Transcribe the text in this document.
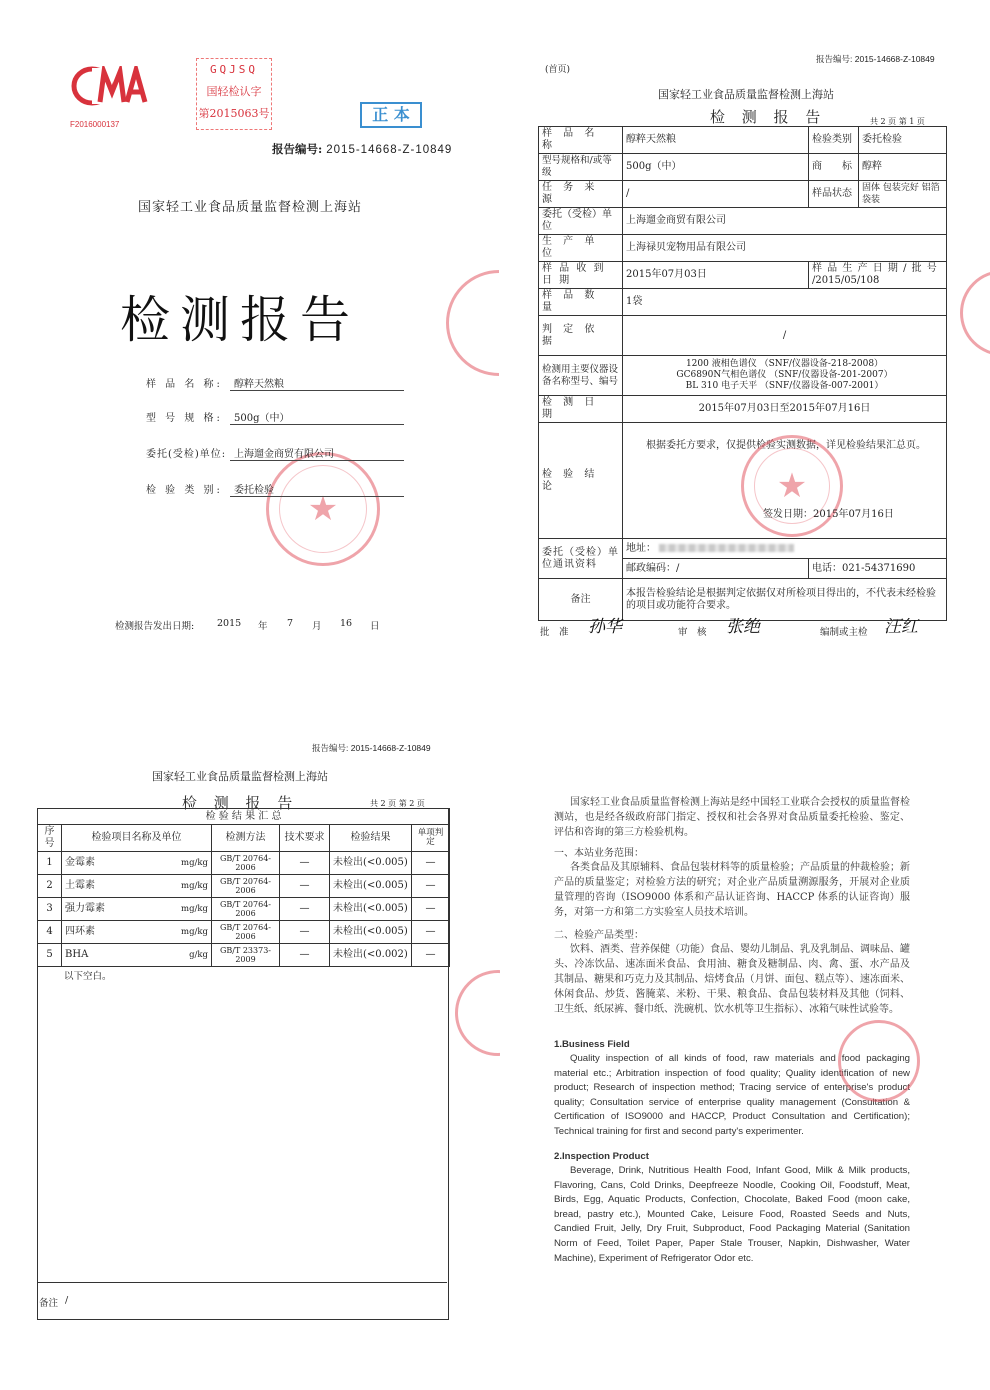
F2016000137
GQJSQ
国轻检认字
第2015063号	正 本
报告编号: 2015-14668-Z-10849
国家轻工业食品质量监督检测上海站
检测报告
★
样 品 名 称:	醇粹天然粮
型 号 规 格:	500g（中）
委托(受检)单位: 上海遛金商贸有限公司
检 验 类 别:	委托检验
检测报告发出日期: 2015 年 7 月 16 日
(首页)
报告编号: 2015-14668-Z-10849
国家轻工业食品质量监督检测上海站
检 测 报 告	共 2 页 第 1 页
样 品 名 称	醇粹天然粮	检验类别	委托检验
型号规格和/或等级	500g（中）	商　　标	醇粹
任 务 来 源	/	样品状态	固体 包装完好 铝箔袋装
委托（受检）单位	上海遛金商贸有限公司		
生 产 单 位	上海禄贝宠物用品有限公司		
样 品 收 到 日 期	2015年07月03日	样 品 生 产 日 期 / 批 号 /2015/05/108	
样 品 数 量	1袋		
判 定 依 据	/		
检测用主要仪器设备名称型号、编号	1200 液相色谱仪 （SNF/仪器设备-218-2008）
GC6890N气相色谱仪 （SNF/仪器设备-201-2007）
BL 310 电子天平 （SNF/仪器设备-007-2001）		

检 测 日 期	2015年07月03日至2015年07月16日		
检 验 结 论	根据委托方要求，仅提供检验实测数据，详见检验结果汇总页。
★
签发日期：2015年07月16日		

委托（受检）单位通讯资料	地址：		
	邮政编码：/	电话：021-54371690	
备注	本报告检验结论是根据判定依据仅对所检项目得出的，不代表未经检验的项目或功能符合要求。		
批　准 孙华	审　核 张绝	编制或主检 汪红
报告编号: 2015-14668-Z-10849
国家轻工业食品质量监督检测上海站
检 测 报 告	共 2 页 第 2 页
检 验 结 果 汇 总					
序号	检验项目名称及单位	检测方法	技术要求	检验结果	单项判定
1	金霉素 mg/kg	GB/T 20764-2006	—	未检出(<0.005)	—
2	土霉素 mg/kg	GB/T 20764-2006	—	未检出(<0.005)	—
3	强力霉素 mg/kg	GB/T 20764-2006	—	未检出(<0.005)	—
4	四环素 mg/kg	GB/T 20764-2006	—	未检出(<0.005)	—
5	BHA g/kg	GB/T 23373-2009	—	未检出(<0.002)	—
以下空白。
备注 /
国家轻工业食品质量监督检测上海站是经中国轻工业联合会授权的质量监督检测站，也是经各级政府部门指定、授权和社会各界对食品质量委托检验、鉴定、评估和咨询的第三方检验机构。
一、本站业务范围：
各类食品及其原辅料、食品包装材料等的质量检验；产品质量的仲裁检验；新产品的质量鉴定；对检验方法的研究；对企业产品质量溯源服务，开展对企业质量管理的咨询（ISO9000 体系和产品认证咨询、HACCP 体系的认证咨询）服务，对第一方和第二方实验室人员技术培训。
二、检验产品类型：
饮料、酒类、营养保健（功能）食品、婴幼儿制品、乳及乳制品、调味品、罐头、冷冻饮品、速冻面米食品、食用油、糖食及糖制品、肉、禽、蛋、水产品及其制品、糖果和巧克力及其制品、焙烤食品（月饼、面包、糕点等）、速冻面米、休闲食品、炒货、酱腌菜、米粉、干果、粮食品、食品包装材料及其他（饲料、卫生纸、纸尿裤、餐巾纸、洗碗机、饮水机等卫生指标）、冰箱气味性试验等。
1.Business Field
Quality inspection of all kinds of food, raw materials and food packaging material etc.; Arbitration inspection of food quality; Quality identification of new product; Research of inspection method; Tracing service of enterprise's product quality; Consultation service of enterprise quality management (Consultation & Certification of ISO9000 and HACCP, Product Consultation and Certification); Technical training for first and second party's experimenter.
2.Inspection Product
Beverage, Drink, Nutritious Health Food, Infant Good, Milk & Milk products, Flavoring, Cans, Cold Drinks, Deepfreeze Noodle, Cooking Oil, Foodstuff, Meat, Birds, Egg, Aquatic Products, Confection, Chocolate, Baked Food (moon cake, bread, pastry etc.), Mounted Cake, Leisure Food, Roasted Seeds and Nuts, Candied Fruit, Jelly, Dry Fruit, Subproduct, Food Packaging Material (Sanitation Norm of Feed, Toilet Paper, Paper Stale Trouser, Napkin, Dishwasher, Water Machine), Experiment of Refrigerator Odor etc.
